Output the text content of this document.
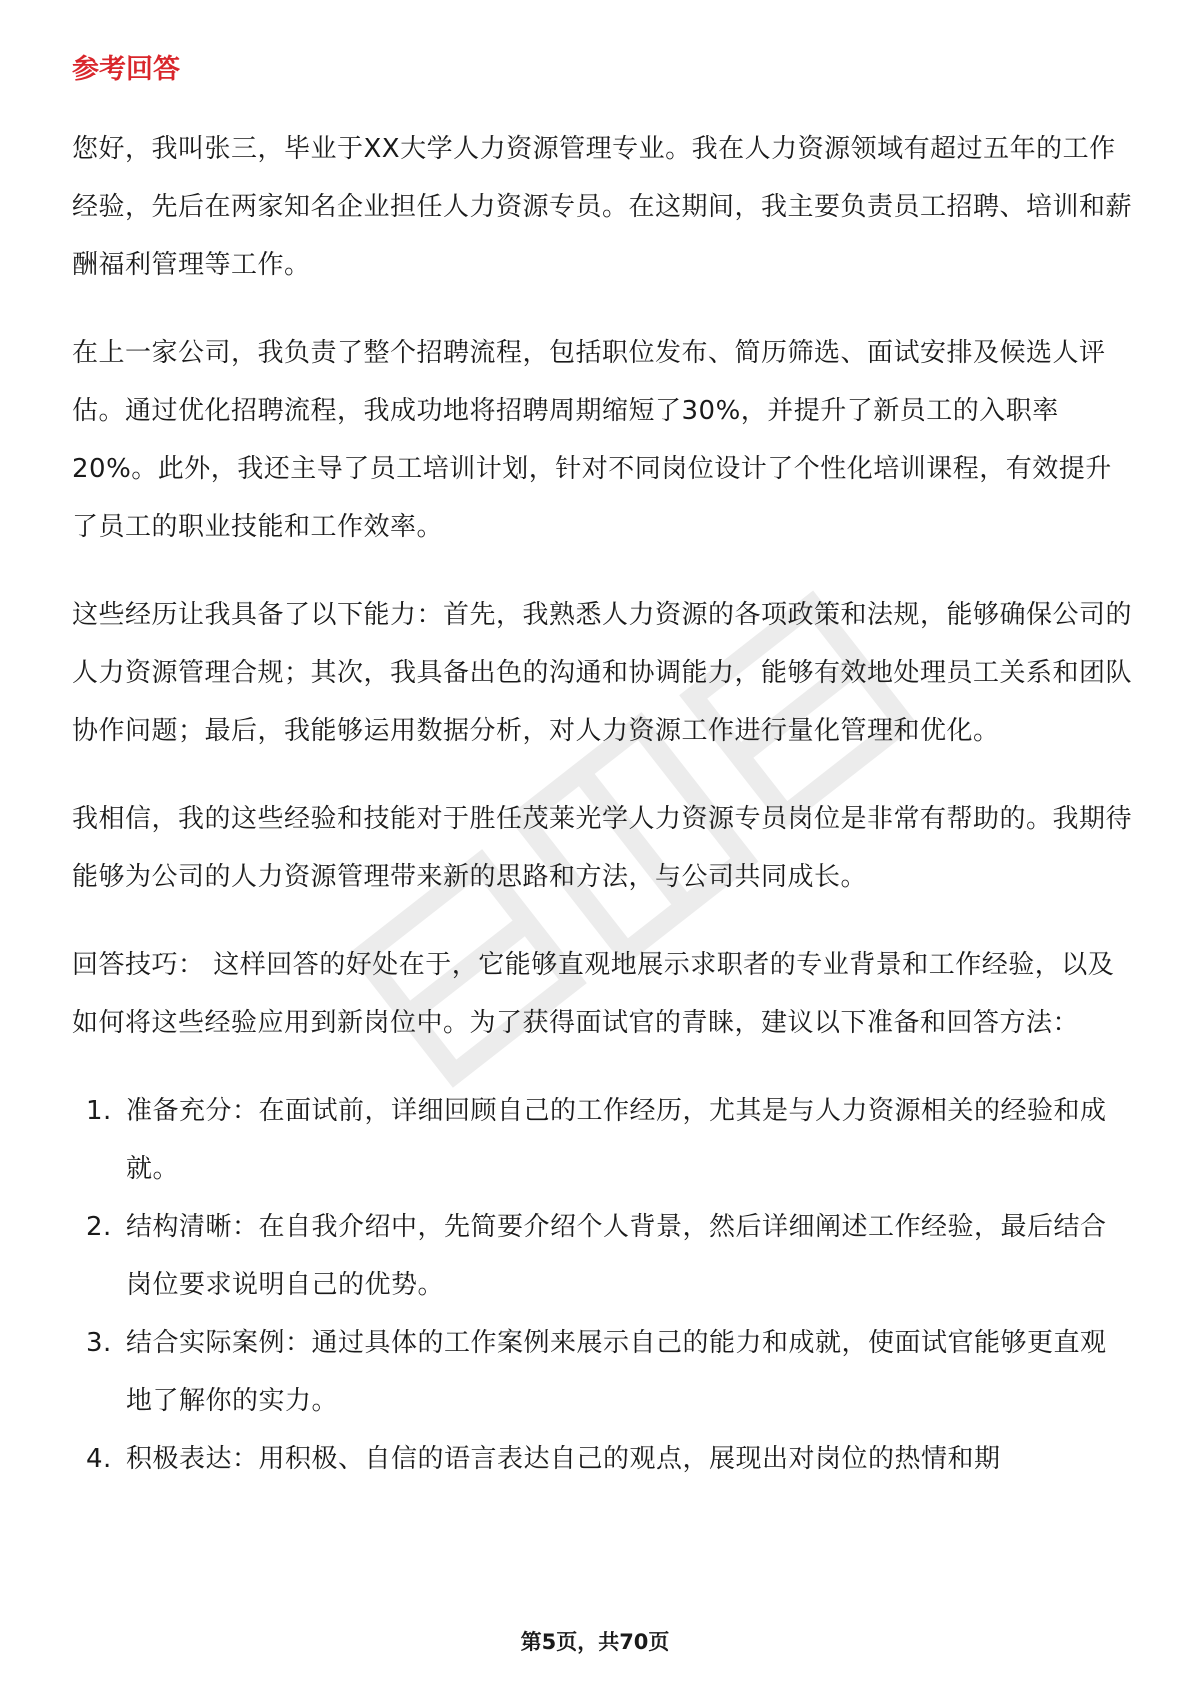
参考回答

您好，我叫张三，毕业于XX大学人力资源管理专业。我在人力资源领域有超过五年的工作经验，先后在两家知名企业担任人力资源专员。在这期间，我主要负责员工招聘、培训和薪酬福利管理等工作。

在上一家公司，我负责了整个招聘流程，包括职位发布、简历筛选、面试安排及候选人评估。通过优化招聘流程，我成功地将招聘周期缩短了30%，并提升了新员工的入职率20%。此外，我还主导了员工培训计划，针对不同岗位设计了个性化培训课程，有效提升了员工的职业技能和工作效率。

这些经历让我具备了以下能力：首先，我熟悉人力资源的各项政策和法规，能够确保公司的人力资源管理合规；其次，我具备出色的沟通和协调能力，能够有效地处理员工关系和团队协作问题；最后，我能够运用数据分析，对人力资源工作进行量化管理和优化。

我相信，我的这些经验和技能对于胜任茂莱光学人力资源专员岗位是非常有帮助的。我期待能够为公司的人力资源管理带来新的思路和方法，与公司共同成长。

回答技巧： 这样回答的好处在于，它能够直观地展示求职者的专业背景和工作经验，以及如何将这些经验应用到新岗位中。为了获得面试官的青睐，建议以下准备和回答方法：

1. 准备充分：在面试前，详细回顾自己的工作经历，尤其是与人力资源相关的经验和成就。
2. 结构清晰：在自我介绍中，先简要介绍个人背景，然后详细阐述工作经验，最后结合岗位要求说明自己的优势。
3. 结合实际案例：通过具体的工作案例来展示自己的能力和成就，使面试官能够更直观地了解你的实力。
4. 积极表达：用积极、自信的语言表达自己的观点，展现出对岗位的热情和期
第5页，共70页
